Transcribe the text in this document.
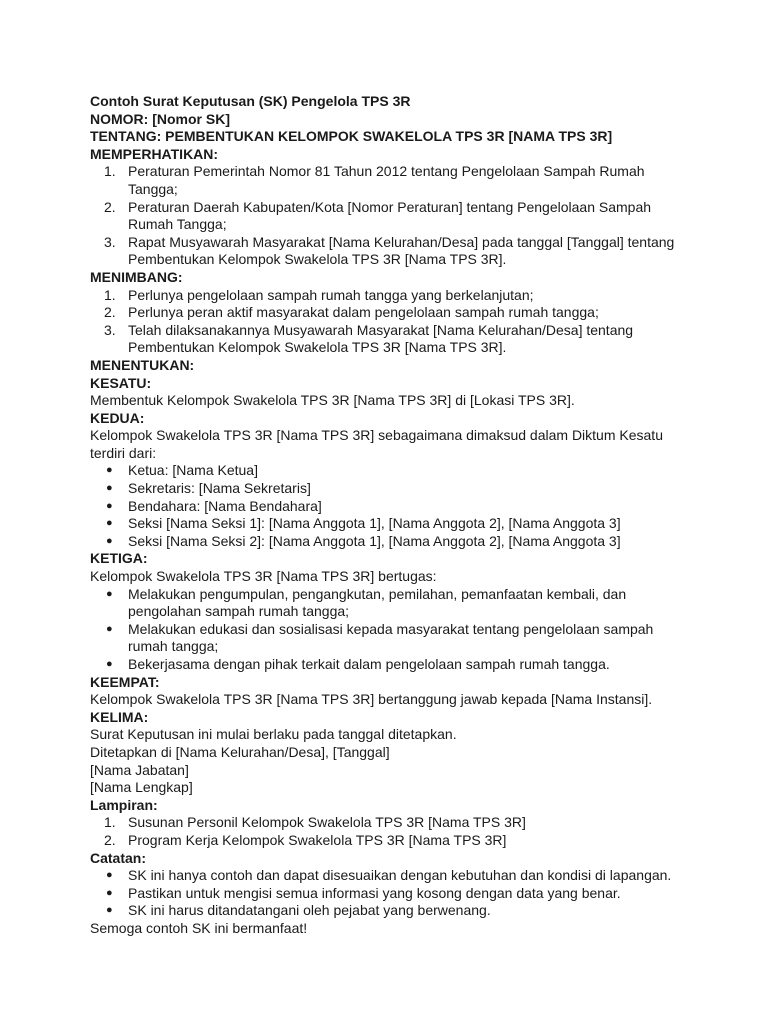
Contoh Surat Keputusan (SK) Pengelola TPS 3R

NOMOR: [Nomor SK]

TENTANG: PEMBENTUKAN KELOMPOK SWAKELOLA TPS 3R [NAMA TPS 3R]

MEMPERHATIKAN:

1. Peraturan Pemerintah Nomor 81 Tahun 2012 tentang Pengelolaan Sampah Rumah Tangga;
2. Peraturan Daerah Kabupaten/Kota [Nomor Peraturan] tentang Pengelolaan Sampah Rumah Tangga;
3. Rapat Musyawarah Masyarakat [Nama Kelurahan/Desa] pada tanggal [Tanggal] tentang Pembentukan Kelompok Swakelola TPS 3R [Nama TPS 3R].

MENIMBANG:

1. Perlunya pengelolaan sampah rumah tangga yang berkelanjutan;
2. Perlunya peran aktif masyarakat dalam pengelolaan sampah rumah tangga;
3. Telah dilaksanakannya Musyawarah Masyarakat [Nama Kelurahan/Desa] tentang Pembentukan Kelompok Swakelola TPS 3R [Nama TPS 3R].

MENENTUKAN:

KESATU:

Membentuk Kelompok Swakelola TPS 3R [Nama TPS 3R] di [Lokasi TPS 3R].

KEDUA:

Kelompok Swakelola TPS 3R [Nama TPS 3R] sebagaimana dimaksud dalam Diktum Kesatu terdiri dari:

●	Ketua: [Nama Ketua]
●	Sekretaris: [Nama Sekretaris]
●	Bendahara: [Nama Bendahara]
●	Seksi [Nama Seksi 1]: [Nama Anggota 1], [Nama Anggota 2], [Nama Anggota 3]
●	Seksi [Nama Seksi 2]: [Nama Anggota 1], [Nama Anggota 2], [Nama Anggota 3]

KETIGA:

Kelompok Swakelola TPS 3R [Nama TPS 3R] bertugas:

●	Melakukan pengumpulan, pengangkutan, pemilahan, pemanfaatan kembali, dan pengolahan sampah rumah tangga;
●	Melakukan edukasi dan sosialisasi kepada masyarakat tentang pengelolaan sampah rumah tangga;
●	Bekerjasama dengan pihak terkait dalam pengelolaan sampah rumah tangga.

KEEMPAT:

Kelompok Swakelola TPS 3R [Nama TPS 3R] bertanggung jawab kepada [Nama Instansi].

KELIMA:

Surat Keputusan ini mulai berlaku pada tanggal ditetapkan.

Ditetapkan di [Nama Kelurahan/Desa], [Tanggal]

[Nama Jabatan]

[Nama Lengkap]

Lampiran:

1. Susunan Personil Kelompok Swakelola TPS 3R [Nama TPS 3R]
2. Program Kerja Kelompok Swakelola TPS 3R [Nama TPS 3R]

Catatan:

●	SK ini hanya contoh dan dapat disesuaikan dengan kebutuhan dan kondisi di lapangan.
●	Pastikan untuk mengisi semua informasi yang kosong dengan data yang benar.
●	SK ini harus ditandatangani oleh pejabat yang berwenang.

Semoga contoh SK ini bermanfaat!
